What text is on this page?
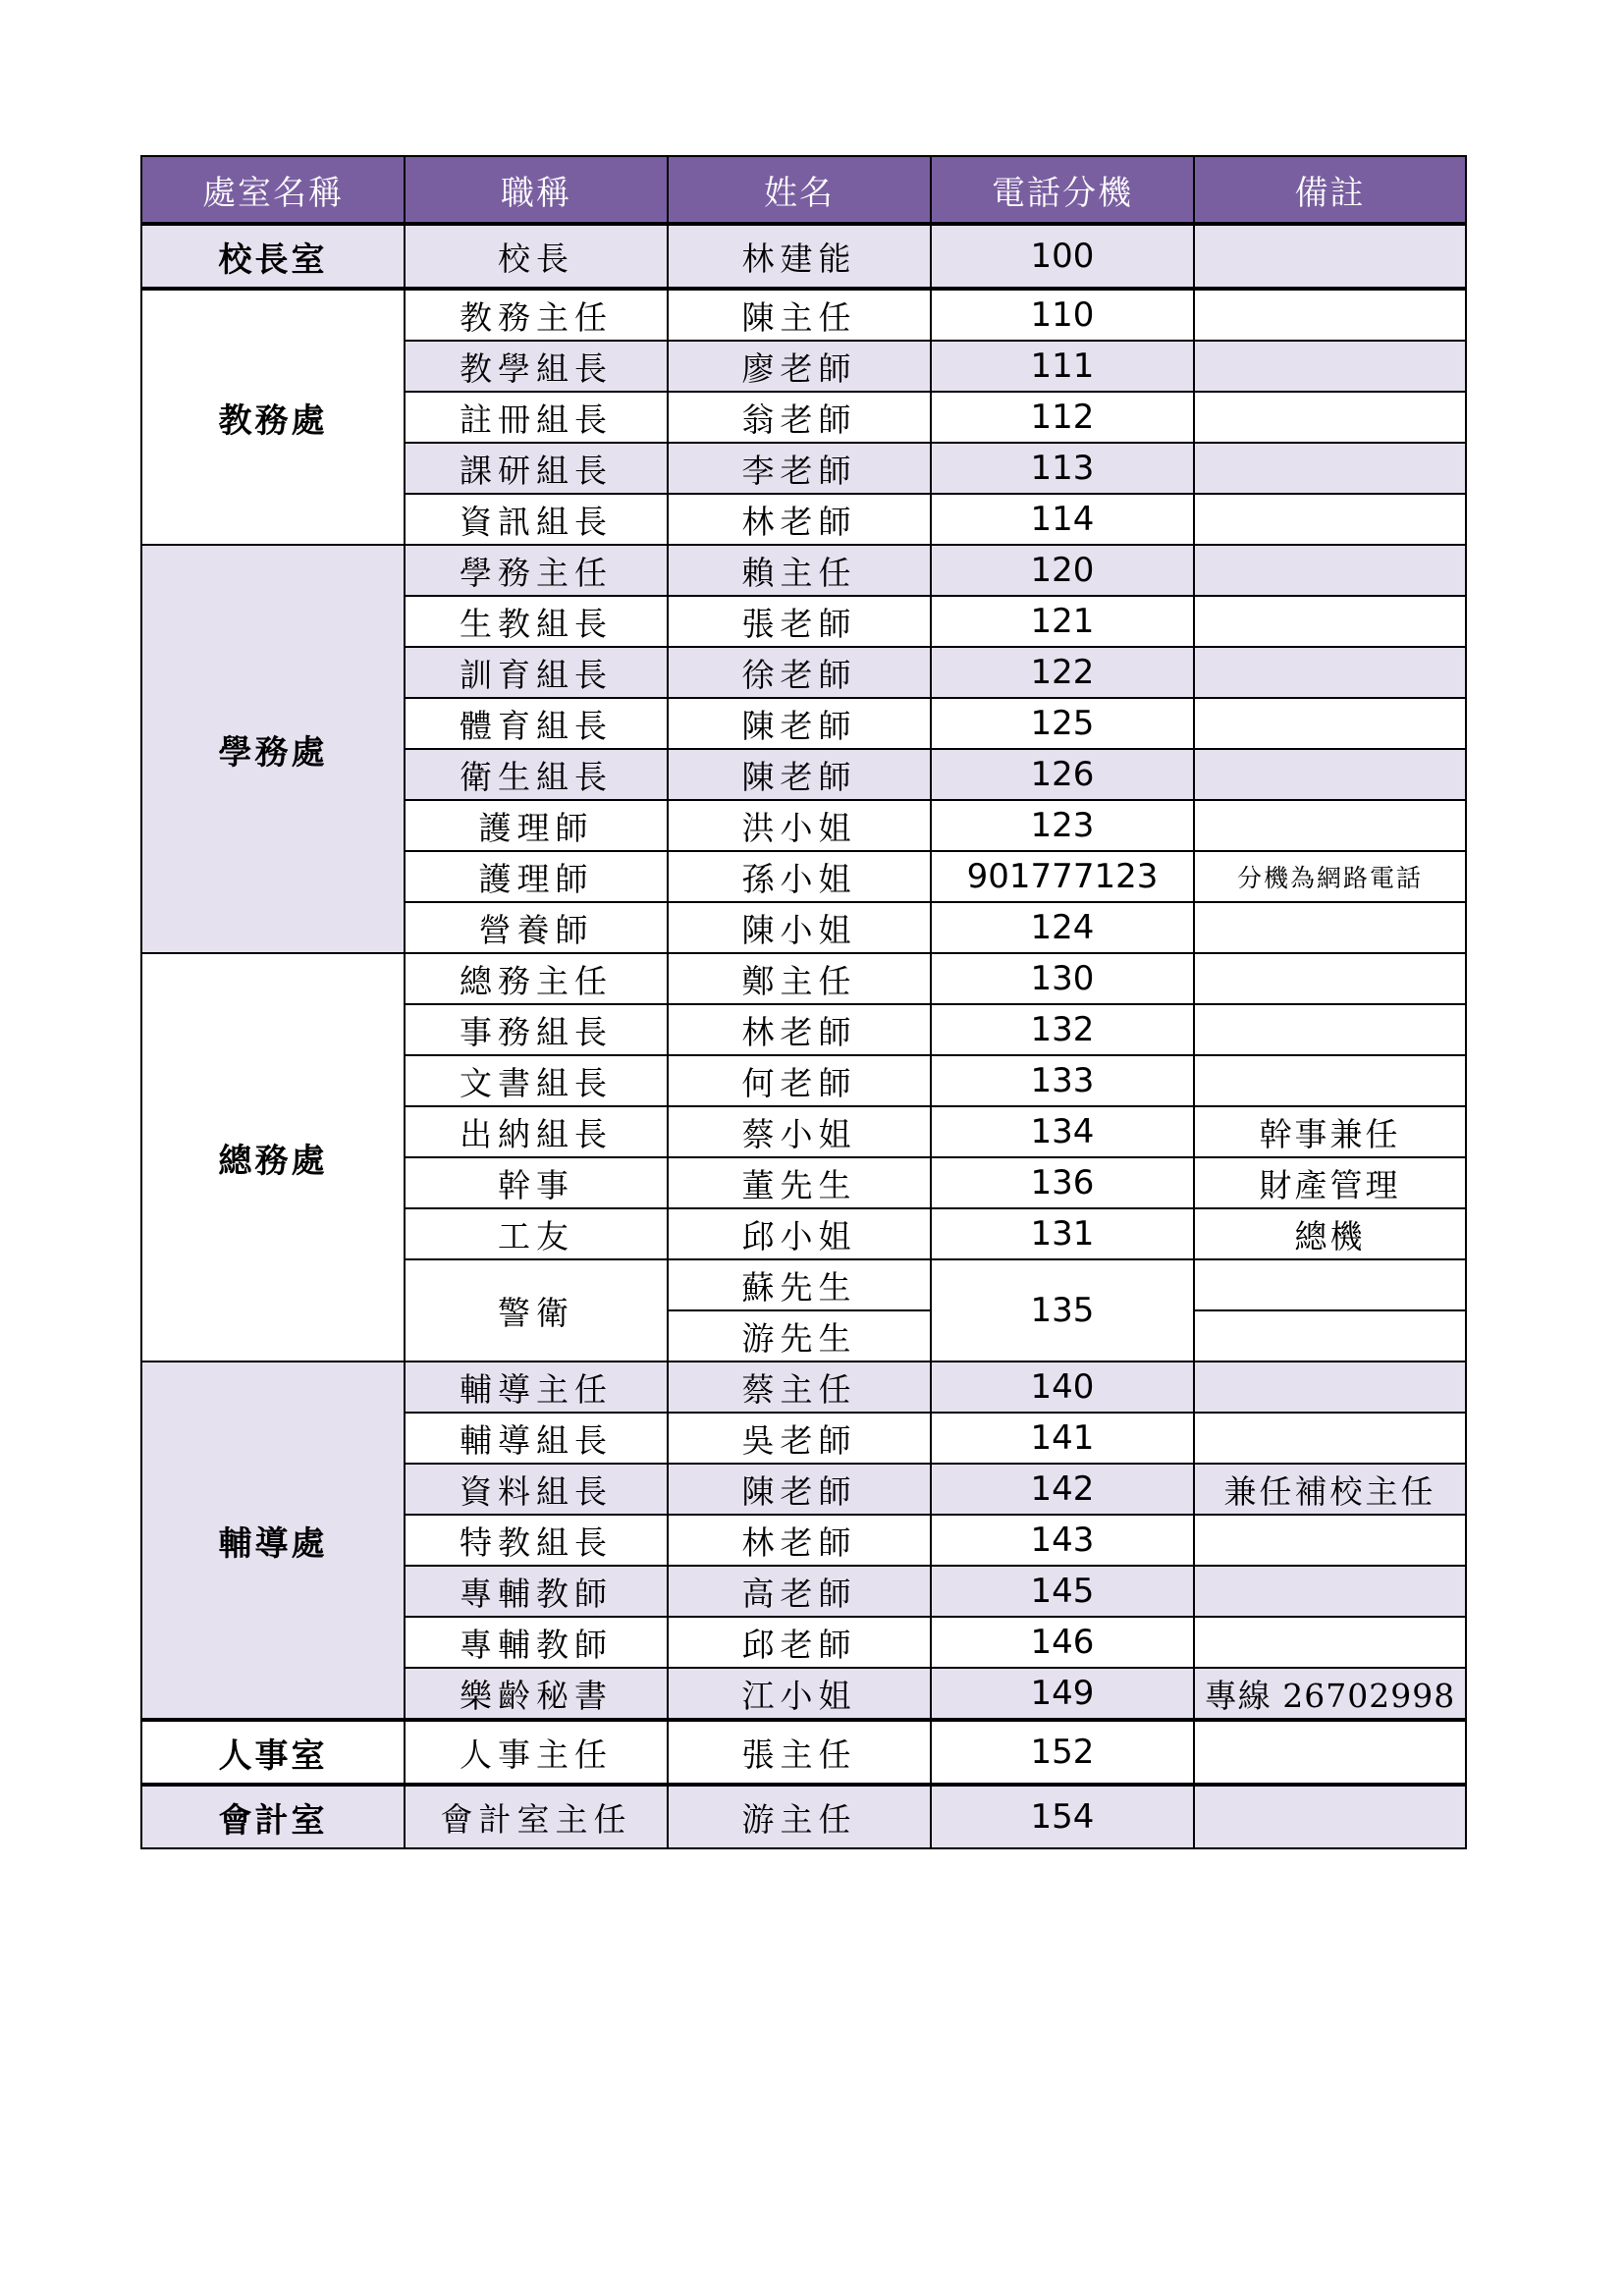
處室名稱	職稱	姓名	電話分機	備註
校長室	校長	林建能	100	
教務處	教務主任	陳主任	110	
	教學組長	廖老師	111	
	註冊組長	翁老師	112	
	課研組長	李老師	113	
	資訊組長	林老師	114	
學務處	學務主任	賴主任	120	
	生教組長	張老師	121	
	訓育組長	徐老師	122	
	體育組長	陳老師	125	
	衛生組長	陳老師	126	
	護理師	洪小姐	123	
	護理師	孫小姐	901777123	分機為網路電話
	營養師	陳小姐	124	
總務處	總務主任	鄭主任	130	
	事務組長	林老師	132	
	文書組長	何老師	133	
	出納組長	蔡小姐	134	幹事兼任
	幹事	董先生	136	財產管理
	工友	邱小姐	131	總機
	警衛	蘇先生	135	
		游先生		
輔導處	輔導主任	蔡主任	140	
	輔導組長	吳老師	141	
	資料組長	陳老師	142	兼任補校主任
	特教組長	林老師	143	
	專輔教師	高老師	145	
	專輔教師	邱老師	146	
	樂齡秘書	江小姐	149	專線 26702998
人事室	人事主任	張主任	152	
會計室	會計室主任	游主任	154	
